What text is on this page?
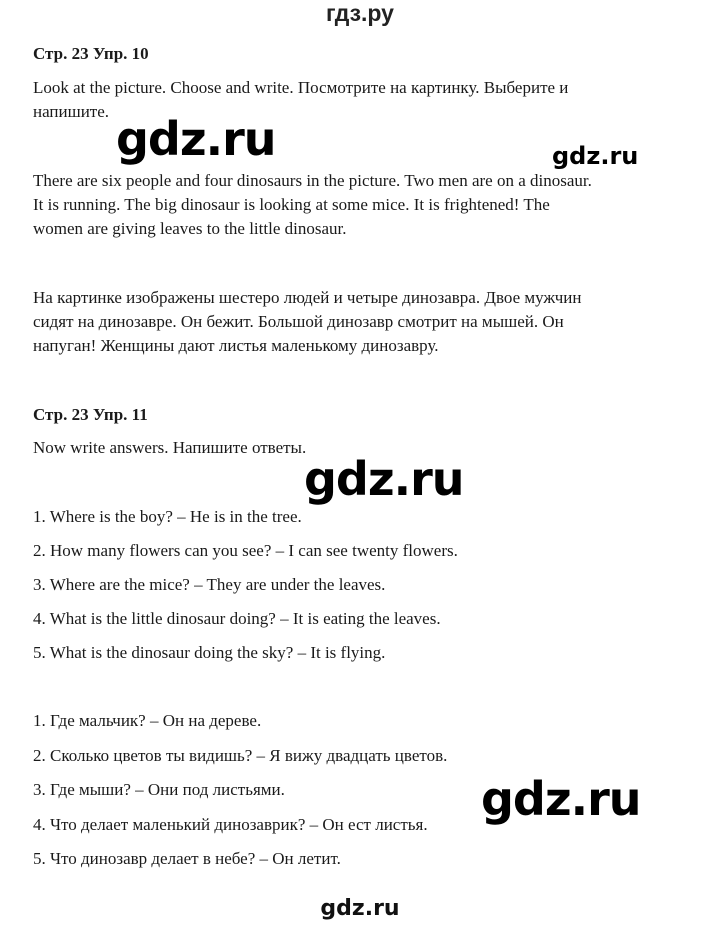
гдз.ру
Стр. 23 Упр. 10
Look at the picture. Choose and write. Посмотрите на картинку. Выберите и
напишите.
gdz.ru	gdz.ru
There are six people and four dinosaurs in the picture. Two men are on a dinosaur.
It is running. The big dinosaur is looking at some mice. It is frightened! The
women are giving leaves to the little dinosaur.
На картинке изображены шестеро людей и четыре динозавра. Двое мужчин
сидят на динозавре. Он бежит. Большой динозавр смотрит на мышей. Он
напуган! Женщины дают листья маленькому динозавру.
Стр. 23 Упр. 11
Now write answers. Напишите ответы.
gdz.ru
1. Where is the boy? – He is in the tree.
2. How many flowers can you see? – I can see twenty flowers.
3. Where are the mice? – They are under the leaves.
4. What is the little dinosaur doing? – It is eating the leaves.
5. What is the dinosaur doing the sky? – It is flying.
1. Где мальчик? – Он на дереве.
2. Сколько цветов ты видишь? – Я вижу двадцать цветов.
3. Где мыши? – Они под листьями.
4. Что делает маленький динозаврик? – Он ест листья.
5. Что динозавр делает в небе? – Он летит.
gdz.ru
gdz.ru
